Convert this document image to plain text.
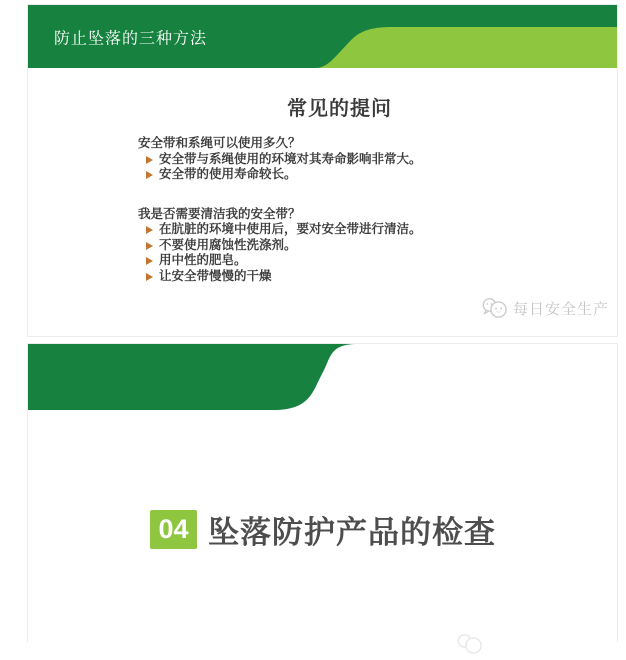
防止坠落的三种方法
常见的提问
安全带和系绳可以使用多久？
安全带与系绳使用的环境对其寿命影响非常大。
安全带的使用寿命较长。
我是否需要清洁我的安全带？
在肮脏的环境中使用后，要对安全带进行清洁。
不要使用腐蚀性洗涤剂。
用中性的肥皂。
让安全带慢慢的干燥
每日安全生产
04 坠落防护产品的检查
